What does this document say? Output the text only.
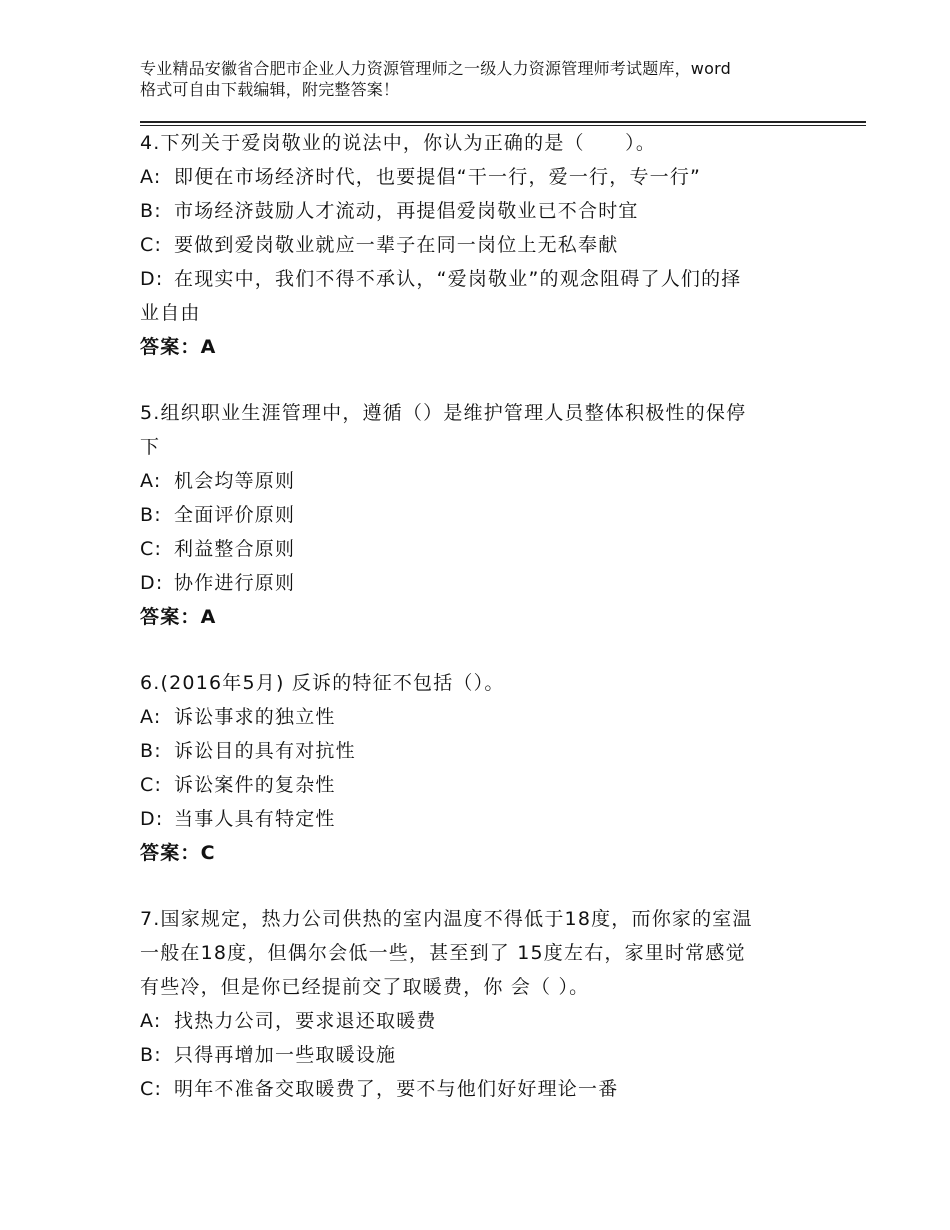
专业精品安徽省合肥市企业人力资源管理师之一级人力资源管理师考试题库，word
格式可自由下载编辑，附完整答案！
4.下列关于爱岗敬业的说法中，你认为正确的是（　　）。
A: 即便在市场经济时代，也要提倡“干一行，爱一行，专一行”
B: 市场经济鼓励人才流动，再提倡爱岗敬业已不合时宜
C: 要做到爱岗敬业就应一辈子在同一岗位上无私奉献
D: 在现实中，我们不得不承认，“爱岗敬业”的观念阻碍了人们的择
业自由
答案：A
5.组织职业生涯管理中，遵循（）是维护管理人员整体积极性的保停
下
A: 机会均等原则
B: 全面评价原则
C: 利益整合原则
D: 协作进行原则
答案：A
6.(2016年5月) 反诉的特征不包括（）。
A: 诉讼事求的独立性
B: 诉讼目的具有对抗性
C: 诉讼案件的复杂性
D: 当事人具有特定性
答案：C
7.国家规定，热力公司供热的室内温度不得低于18度，而你家的室温
一般在18度，但偶尔会低一些，甚至到了 15度左右，家里时常感觉
有些冷，但是你已经提前交了取暖费，你 会（ ）。
A: 找热力公司，要求退还取暖费
B: 只得再增加一些取暖设施
C: 明年不准备交取暖费了，要不与他们好好理论一番
